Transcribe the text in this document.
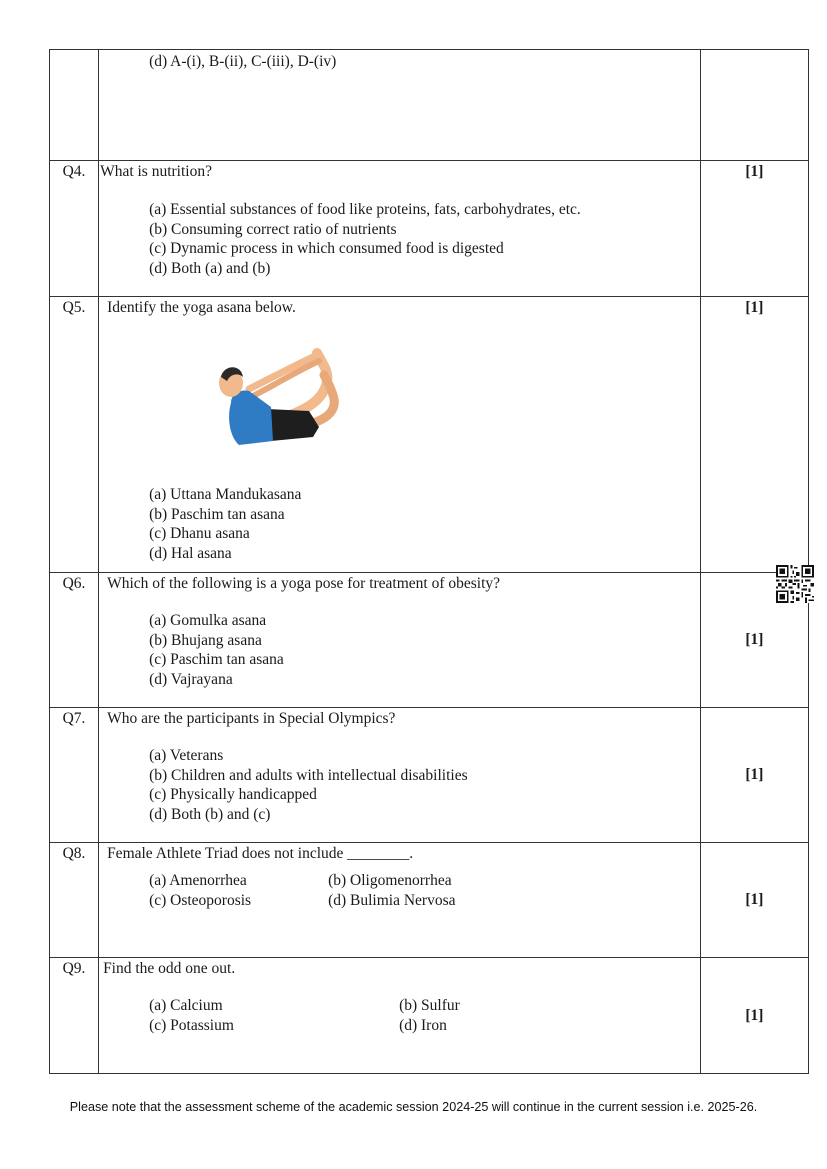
	(d) A-(i), B-(ii), C-(iii), D-(iv)	

Q4.	What is nutrition?
(a) Essential substances of food like proteins, fats, carbohydrates, etc.
(b) Consuming correct ratio of nutrients
(c) Dynamic process in which consumed food is digested
(d) Both (a) and (b)	[1]

Q5.	Identify the yoga asana below.
(a) Uttana Mandukasana
(b) Paschim tan asana
(c) Dhanu asana
(d) Hal asana	[1]

Q6.	Which of the following is a yoga pose for treatment of obesity?
(a) Gomulka asana
(b) Bhujang asana
(c) Paschim tan asana
(d) Vajrayana	[1]

Q7.	Who are the participants in Special Olympics?
(a) Veterans
(b) Children and adults with intellectual disabilities
(c) Physically handicapped
(d) Both (b) and (c)	[1]

Q8.	Female Athlete Triad does not include ________.
(a) Amenorrhea (b) Oligomenorrhea
(c) Osteoporosis (d) Bulimia Nervosa	[1]

Q9.	Find the odd one out.
(a) Calcium (b) Sulfur
(c) Potassium (d) Iron	[1]
Please note that the assessment scheme of the academic session 2024-25 will continue in the current session i.e. 2025-26.
